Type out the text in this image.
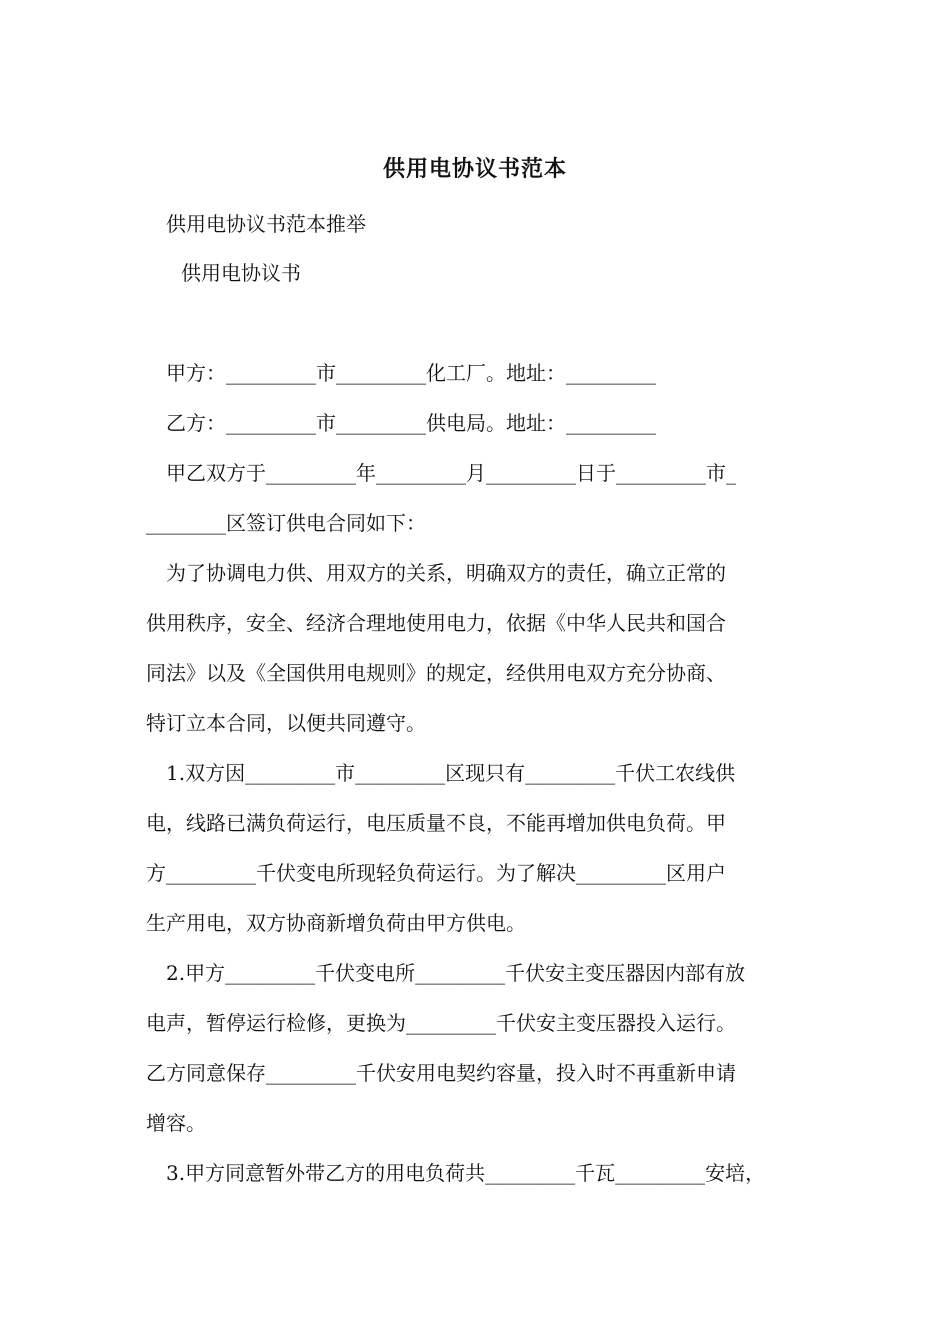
供用电协议书范本
供用电协议书范本推举
供用电协议书
甲方：_________市_________化工厂。地址：_________
乙方：_________市_________供电局。地址：_________
甲乙双方于_________年_________月_________日于_________市_
________区签订供电合同如下：
为了协调电力供、用双方的关系，明确双方的责任，确立正常的
供用秩序，安全、经济合理地使用电力，依据《中华人民共和国合
同法》以及《全国供用电规则》的规定，经供用电双方充分协商、
特订立本合同，以便共同遵守。
1.双方因_________市_________区现只有_________千伏工农线供
电，线路已满负荷运行，电压质量不良，不能再增加供电负荷。甲
方_________千伏变电所现轻负荷运行。为了解决_________区用户
生产用电，双方协商新增负荷由甲方供电。
2.甲方_________千伏变电所_________千伏安主变压器因内部有放
电声，暂停运行检修，更换为_________千伏安主变压器投入运行。
乙方同意保存_________千伏安用电契约容量，投入时不再重新申请
增容。
3.甲方同意暂外带乙方的用电负荷共_________千瓦_________安培，
